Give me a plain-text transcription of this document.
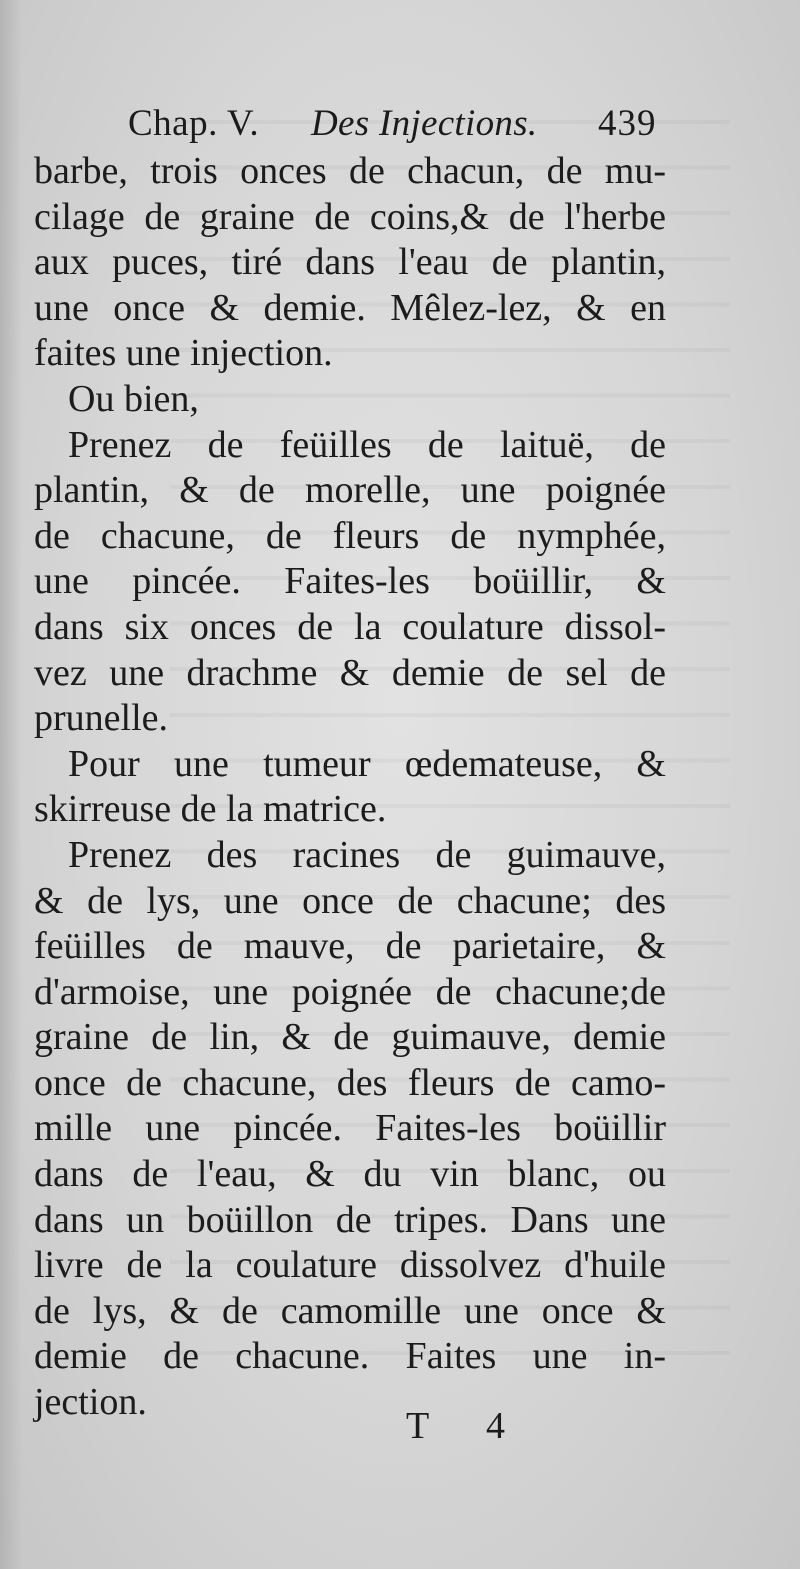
Chap. V. Des Injections. 439
barbe, trois onces de chacun, de mu-
cilage de graine de coins,& de l'herbe
aux puces, tiré dans l'eau de plantin,
une once & demie. Mêlez-lez, & en
faites une injection.
Ou bien,
Prenez de feüilles de laituë, de
plantin, & de morelle, une poignée
de chacune, de fleurs de nymphée,
une pincée. Faites-les boüillir, &
dans six onces de la coulature dissol-
vez une drachme & demie de sel de
prunelle.
Pour une tumeur œdemateuse, &
skirreuse de la matrice.
Prenez des racines de guimauve,
& de lys, une once de chacune; des
feüilles de mauve, de parietaire, &
d'armoise, une poignée de chacune;de
graine de lin, & de guimauve, demie
once de chacune, des fleurs de camo-
mille une pincée. Faites-les boüillir
dans de l'eau, & du vin blanc, ou
dans un boüillon de tripes. Dans une
livre de la coulature dissolvez d'huile
de lys, & de camomille une once &
demie de chacune. Faites une in-
jection.
T 4
